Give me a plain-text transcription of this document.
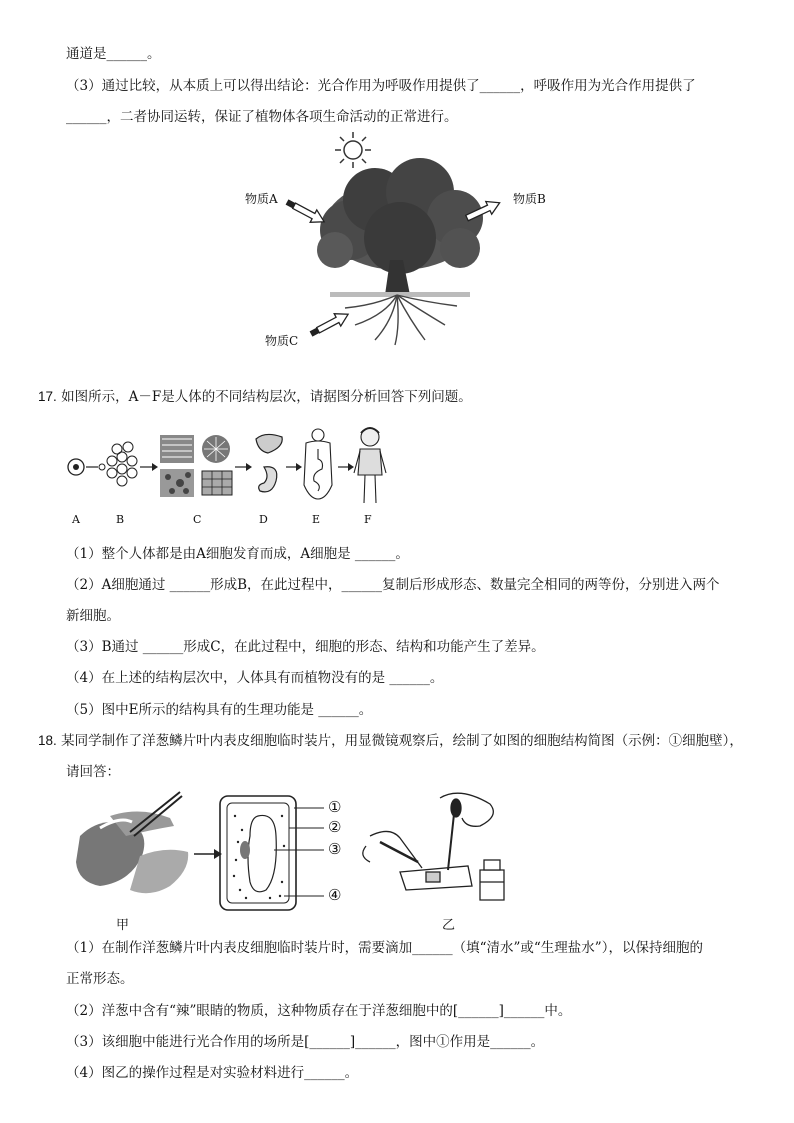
通道是______。
（3）通过比较，从本质上可以得出结论：光合作用为呼吸作用提供了______，呼吸作用为光合作用提供了
______，二者协同运转，保证了植物体各项生命活动的正常进行。
物质A	物质B
物质C
17. 如图所示，A－F是人体的不同结构层次，请据图分析回答下列问题。
A	B	C	D	E	F
（1）整个人体都是由A细胞发育而成，A细胞是 ______。
（2）A细胞通过 ______形成B，在此过程中，______复制后形成形态、数量完全相同的两等份，分别进入两个
新细胞。
（3）B通过 ______形成C，在此过程中，细胞的形态、结构和功能产生了差异。
（4）在上述的结构层次中，人体具有而植物没有的是 ______。
（5）图中E所示的结构具有的生理功能是 ______。
18. 某同学制作了洋葱鳞片叶内表皮细胞临时装片，用显微镜观察后，绘制了如图的细胞结构简图（示例：①细胞壁），
请回答：
①
②
③
④
甲	乙
（1）在制作洋葱鳞片叶内表皮细胞临时装片时，需要滴加______（填“清水”或“生理盐水”），以保持细胞的
正常形态。
（2）洋葱中含有“辣”眼睛的物质，这种物质存在于洋葱细胞中的[______]______中。
（3）该细胞中能进行光合作用的场所是[______]______，图中①作用是______。
（4）图乙的操作过程是对实验材料进行______。
